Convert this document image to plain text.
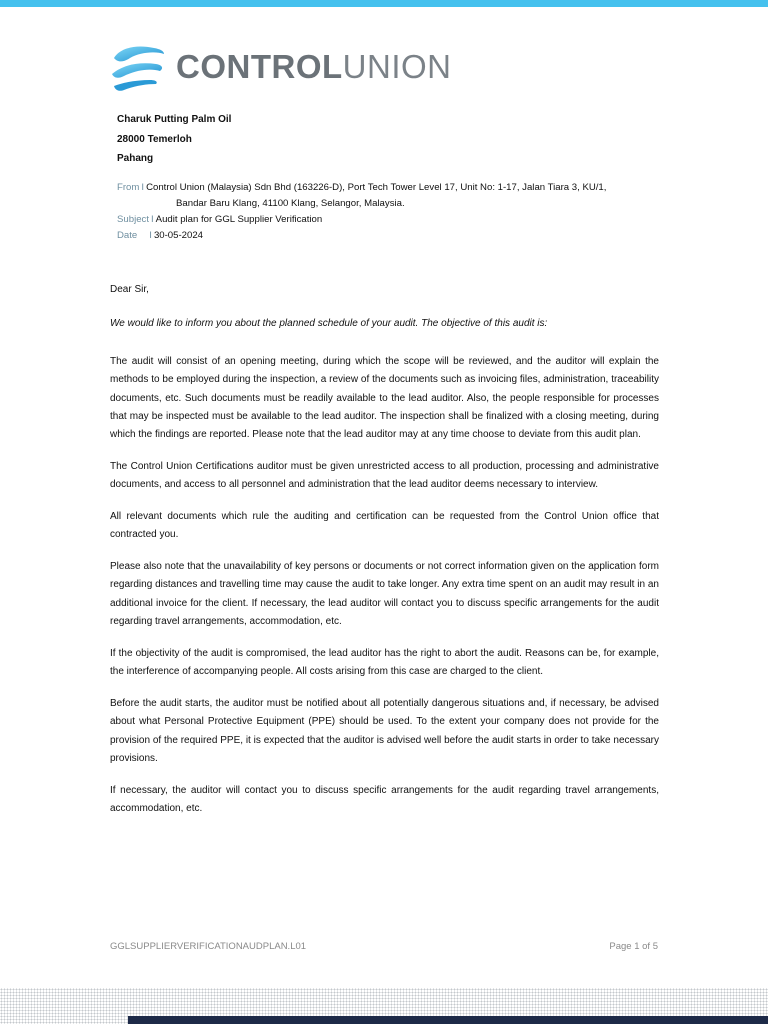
CONTROLUNION
Charuk Putting Palm Oil
28000 Temerloh
Pahang
From I Control Union (Malaysia) Sdn Bhd (163226-D), Port Tech Tower Level 17, Unit No: 1-17, Jalan Tiara 3, KU/1,
Bandar Baru Klang, 41100 Klang, Selangor, Malaysia.
Subject I Audit plan for GGL Supplier Verification
Date I 30-05-2024
Dear Sir,
We would like to inform you about the planned schedule of your audit. The objective of this audit is:

The audit will consist of an opening meeting, during which the scope will be reviewed, and the auditor will explain the methods to be employed during the inspection, a review of the documents such as invoicing files, administration, traceability documents, etc. Such documents must be readily available to the lead auditor. Also, the people responsible for processes that may be inspected must be available to the lead auditor. The inspection shall be finalized with a closing meeting, during which the findings are reported. Please note that the lead auditor may at any time choose to deviate from this audit plan.

The Control Union Certifications auditor must be given unrestricted access to all production, processing and administrative documents, and access to all personnel and administration that the lead auditor deems necessary to interview.

All relevant documents which rule the auditing and certification can be requested from the Control Union office that contracted you.

Please also note that the unavailability of key persons or documents or not correct information given on the application form regarding distances and travelling time may cause the audit to take longer. Any extra time spent on an audit may result in an additional invoice for the client. If necessary, the lead auditor will contact you to discuss specific arrangements for the audit regarding travel arrangements, accommodation, etc.

If the objectivity of the audit is compromised, the lead auditor has the right to abort the audit. Reasons can be, for example, the interference of accompanying people. All costs arising from this case are charged to the client.

Before the audit starts, the auditor must be notified about all potentially dangerous situations and, if necessary, be advised about what Personal Protective Equipment (PPE) should be used. To the extent your company does not provide for the provision of the required PPE, it is expected that the auditor is advised well before the audit starts in order to take necessary provisions.

If necessary, the auditor will contact you to discuss specific arrangements for the audit regarding travel arrangements, accommodation, etc.

GGLSUPPLIERVERIFICATIONAUDPLAN.L01	Page 1 of 5
